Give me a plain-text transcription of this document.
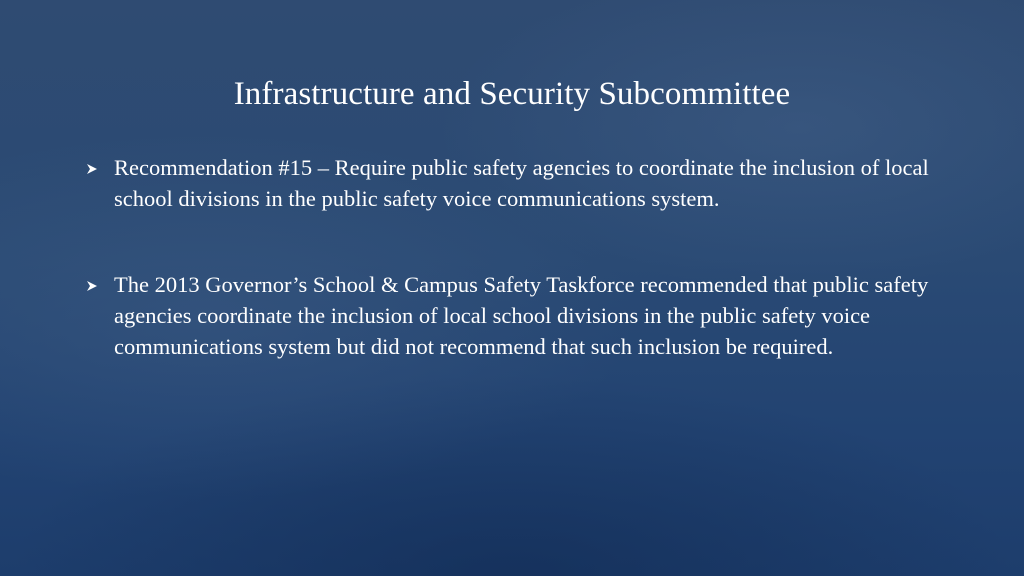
Infrastructure and Security Subcommittee
Recommendation #15 – Require public safety agencies to coordinate the inclusion of local school divisions in the public safety voice communications system.
The 2013 Governor’s School & Campus Safety Taskforce recommended that public safety agencies coordinate the inclusion of local school divisions in the public safety voice communications system but did not recommend that such inclusion be required.
